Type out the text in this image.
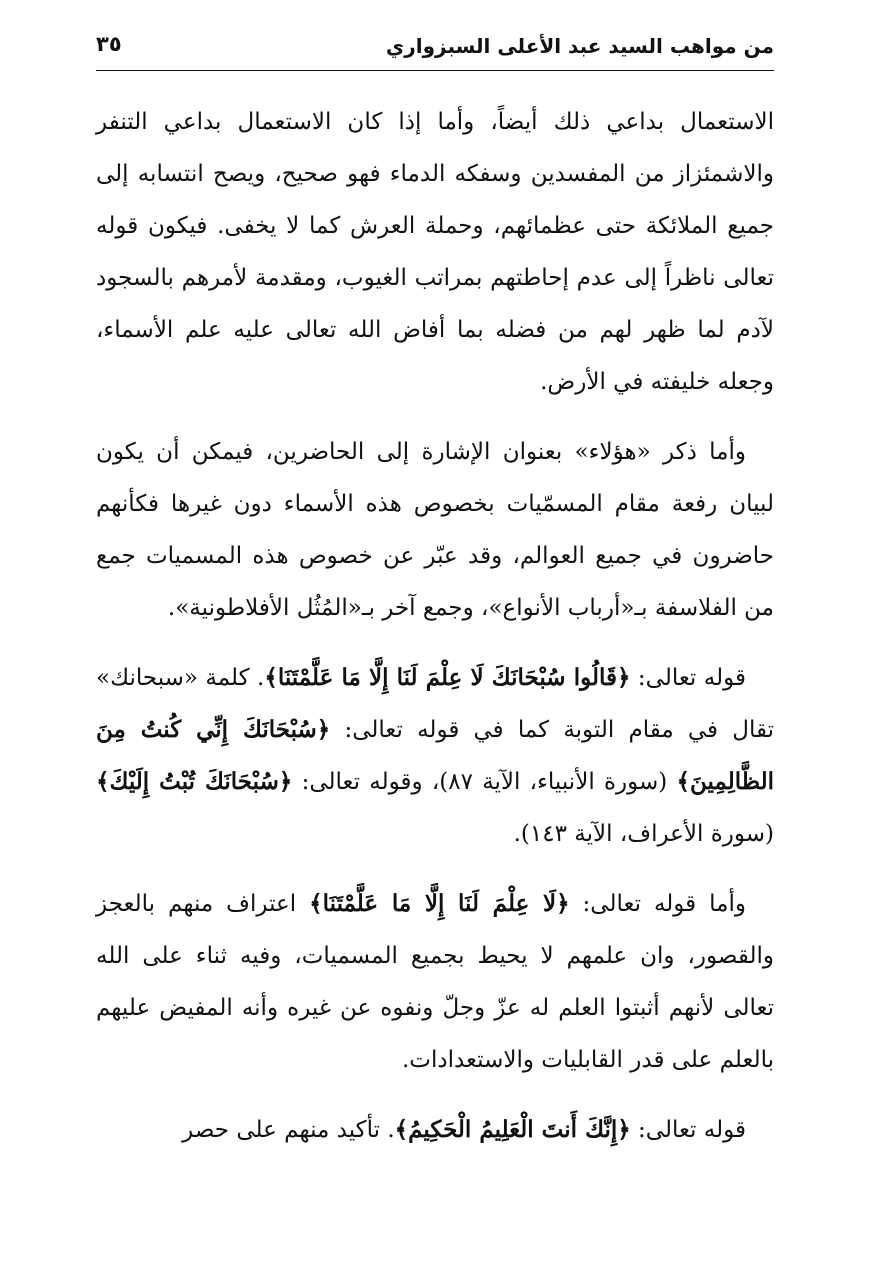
من مواهب السيد عبد الأعلى السبزواري
٣٥

الاستعمال بداعي ذلك أيضاً، وأما إذا كان الاستعمال بداعي التنفر والاشمئزاز من المفسدين وسفكه الدماء فهو صحيح، ويصح انتسابه إلى جميع الملائكة حتى عظمائهم، وحملة العرش كما لا يخفى. فيكون قوله تعالى ناظراً إلى عدم إحاطتهم بمراتب الغيوب، ومقدمة لأمرهم بالسجود لآدم لما ظهر لهم من فضله بما أفاض الله تعالى عليه علم الأسماء، وجعله خليفته في الأرض.

وأما ذكر «هؤلاء» بعنوان الإشارة إلى الحاضرين، فيمكن أن يكون لبيان رفعة مقام المسمّيات بخصوص هذه الأسماء دون غيرها فكأنهم حاضرون في جميع العوالم، وقد عبّر عن خصوص هذه المسميات جمع من الفلاسفة بـ«أرباب الأنواع»، وجمع آخر بـ«المُثُل الأفلاطونية».

قوله تعالى: ﴿قَالُوا سُبْحَانَكَ لَا عِلْمَ لَنَا إِلَّا مَا عَلَّمْتَنَا﴾. كلمة «سبحانك» تقال في مقام التوبة كما في قوله تعالى: ﴿سُبْحَانَكَ إِنِّي كُنتُ مِنَ الظَّالِمِينَ﴾ (سورة الأنبياء، الآية ٨٧)، وقوله تعالى: ﴿سُبْحَانَكَ تُبْتُ إِلَيْكَ﴾ (سورة الأعراف، الآية ١٤٣).

وأما قوله تعالى: ﴿لَا عِلْمَ لَنَا إِلَّا مَا عَلَّمْتَنَا﴾ اعتراف منهم بالعجز والقصور، وان علمهم لا يحيط بجميع المسميات، وفيه ثناء على الله تعالى لأنهم أثبتوا العلم له عزّ وجلّ ونفوه عن غيره وأنه المفيض عليهم بالعلم على قدر القابليات والاستعدادات.

قوله تعالى: ﴿إِنَّكَ أَنتَ الْعَلِيمُ الْحَكِيمُ﴾. تأكيد منهم على حصر
